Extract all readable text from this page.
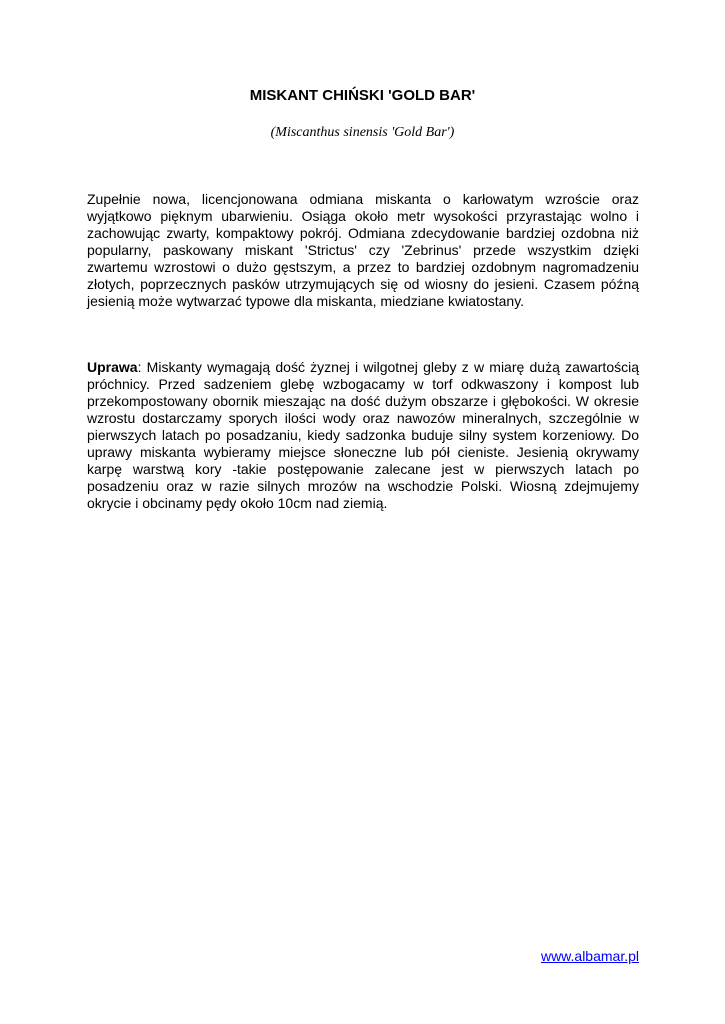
MISKANT CHIŃSKI 'GOLD BAR'

(Miscanthus sinensis 'Gold Bar')

Zupełnie nowa, licencjonowana odmiana miskanta o karłowatym wzroście oraz wyjątkowo pięknym ubarwieniu. Osiąga około metr wysokości przyrastając wolno i zachowując zwarty, kompaktowy pokrój. Odmiana zdecydowanie bardziej ozdobna niż popularny, paskowany miskant 'Strictus' czy 'Zebrinus' przede wszystkim dzięki zwartemu wzrostowi o dużo gęstszym, a przez to bardziej ozdobnym nagromadzeniu złotych, poprzecznych pasków utrzymujących się od wiosny do jesieni. Czasem późną jesienią może wytwarzać typowe dla miskanta, miedziane kwiatostany.

Uprawa: Miskanty wymagają dość żyznej i wilgotnej gleby z w miarę dużą zawartością próchnicy. Przed sadzeniem glebę wzbogacamy w torf odkwaszony i kompost lub przekompostowany obornik mieszając na dość dużym obszarze i głębokości. W okresie wzrostu dostarczamy sporych ilości wody oraz nawozów mineralnych, szczególnie w pierwszych latach po posadzaniu, kiedy sadzonka buduje silny system korzeniowy. Do uprawy miskanta wybieramy miejsce słoneczne lub pół cieniste. Jesienią okrywamy karpę warstwą kory -takie postępowanie zalecane jest w pierwszych latach po posadzeniu oraz w razie silnych mrozów na wschodzie Polski. Wiosną zdejmujemy okrycie i obcinamy pędy około 10cm nad ziemią.

www.albamar.pl
